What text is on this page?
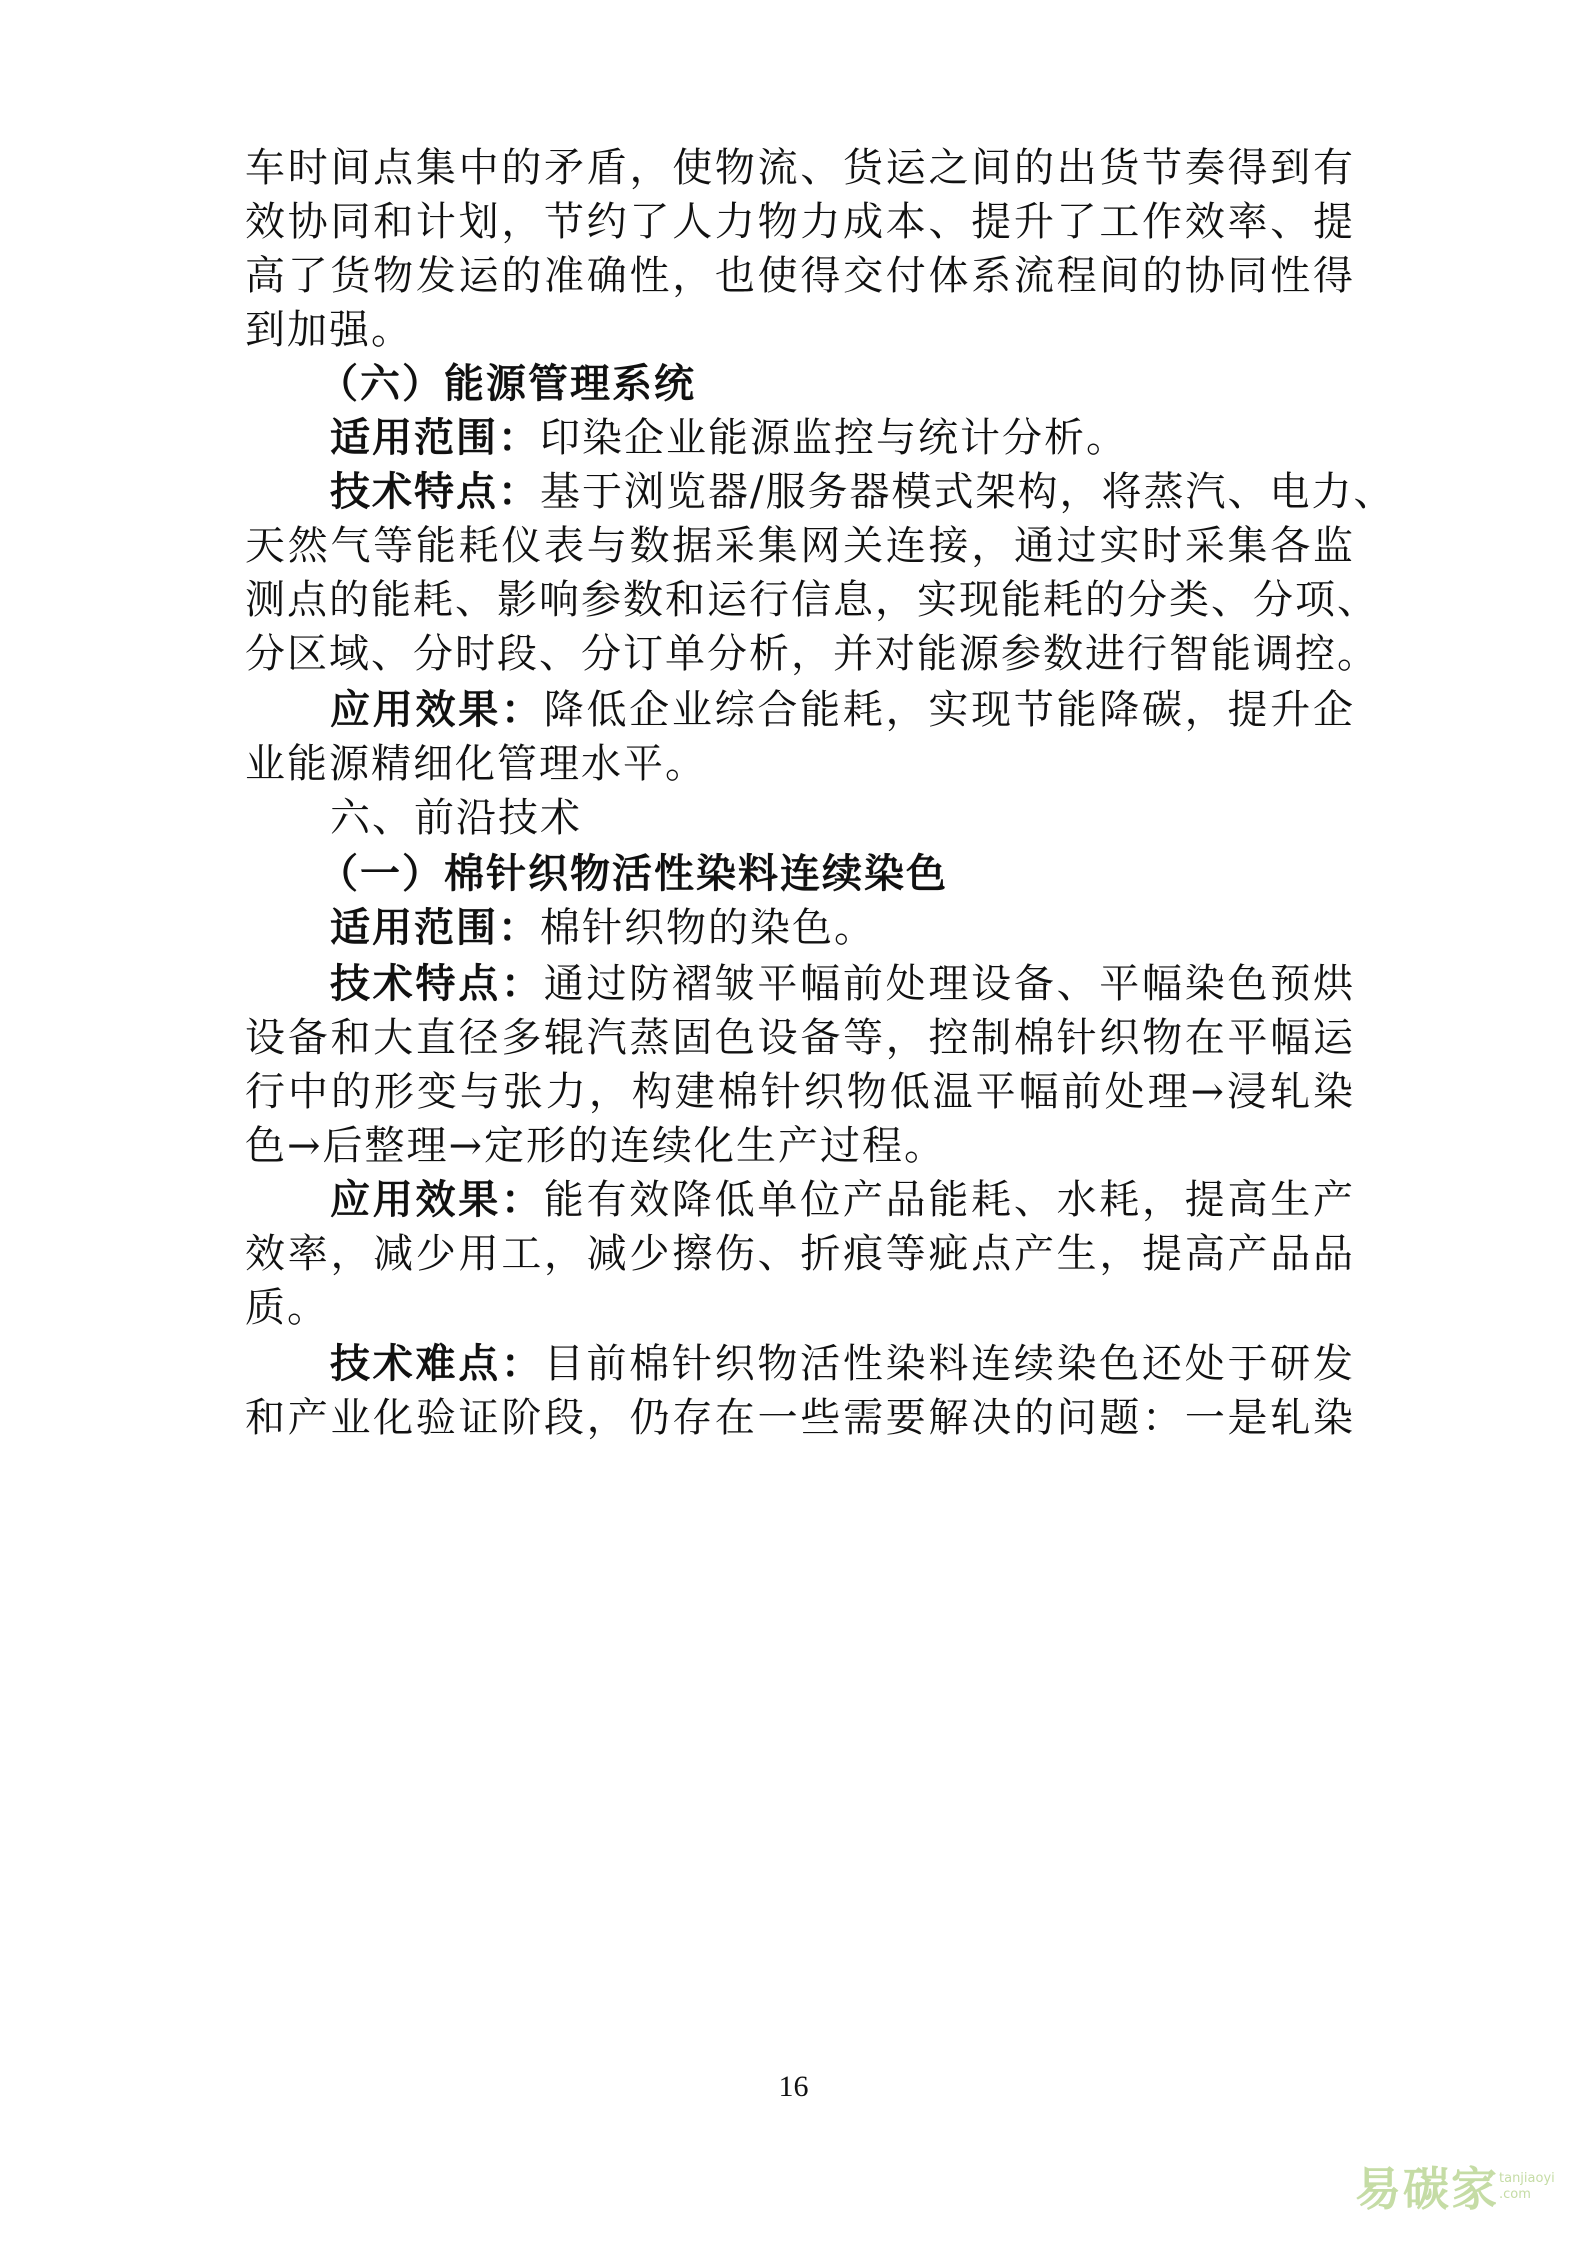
车时间点集中的矛盾，使物流、货运之间的出货节奏得到有
效协同和计划，节约了人力物力成本、提升了工作效率、提
高了货物发运的准确性，也使得交付体系流程间的协同性得
到加强。
（六）能源管理系统
适用范围：印染企业能源监控与统计分析。
技术特点：基于浏览器/服务器模式架构，将蒸汽、电力、
天然气等能耗仪表与数据采集网关连接，通过实时采集各监
测点的能耗、影响参数和运行信息，实现能耗的分类、分项、
分区域、分时段、分订单分析，并对能源参数进行智能调控。
应用效果：降低企业综合能耗，实现节能降碳，提升企
业能源精细化管理水平。
六、前沿技术
（一）棉针织物活性染料连续染色
适用范围：棉针织物的染色。
技术特点：通过防褶皱平幅前处理设备、平幅染色预烘
设备和大直径多辊汽蒸固色设备等，控制棉针织物在平幅运
行中的形变与张力，构建棉针织物低温平幅前处理→浸轧染
色→后整理→定形的连续化生产过程。
应用效果：能有效降低单位产品能耗、水耗，提高生产
效率，减少用工，减少擦伤、折痕等疵点产生，提高产品品
质。
技术难点：目前棉针织物活性染料连续染色还处于研发
和产业化验证阶段，仍存在一些需要解决的问题：一是轧染
16
易碳家 tanjiaoyi .com
